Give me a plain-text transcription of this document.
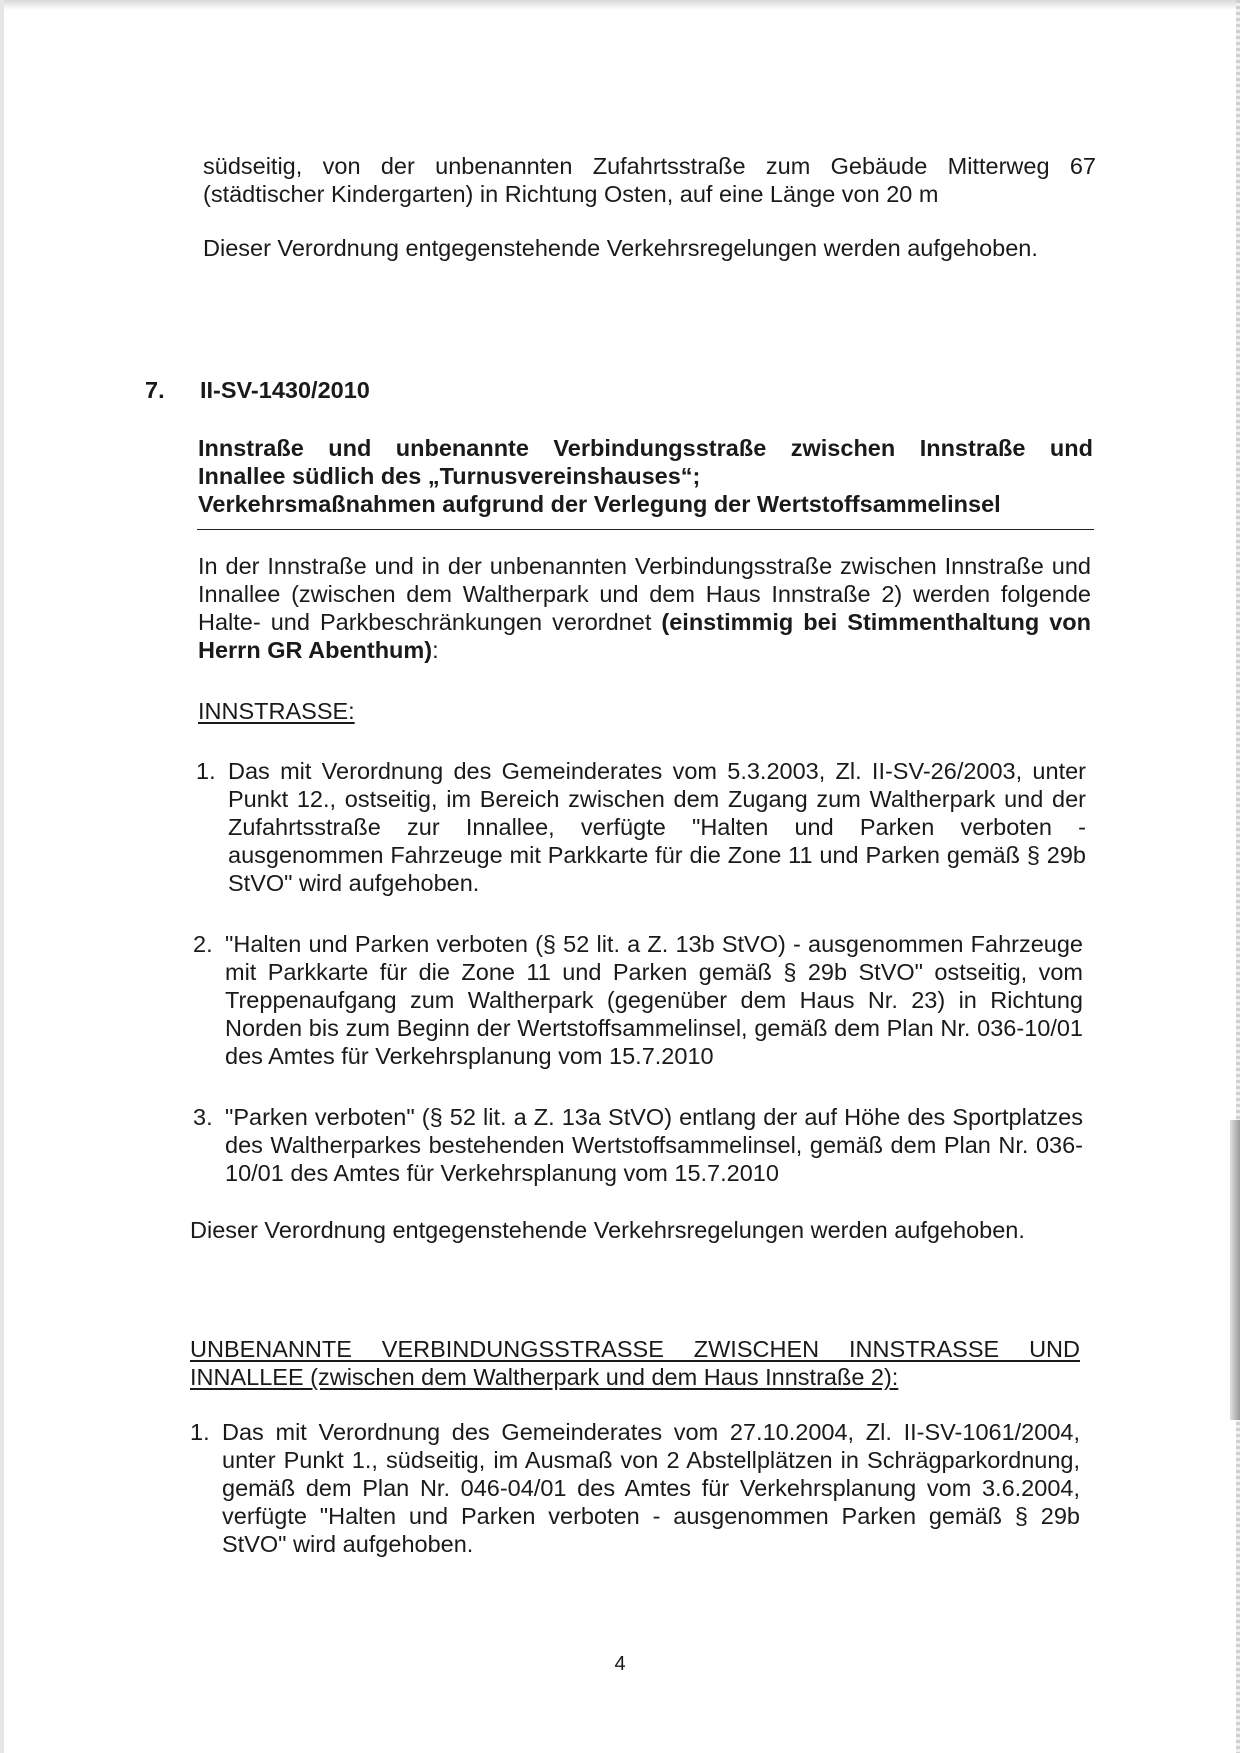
südseitig, von der unbenannten Zufahrtsstraße zum Gebäude Mitterweg 67

(städtischer Kindergarten) in Richtung Osten, auf eine Länge von 20 m

Dieser Verordnung entgegenstehende Verkehrsregelungen werden aufgehoben.
7. II-SV-1430/2010

Innstraße und unbenannte Verbindungsstraße zwischen Innstraße und

Innallee südlich des „Turnusvereinshauses“;

Verkehrsmaßnahmen aufgrund der Verlegung der Wertstoffsammelinsel

In der Innstraße und in der unbenannten Verbindungsstraße zwischen Innstraße und Innallee (zwischen dem Waltherpark und dem Haus Innstraße 2) werden folgende Halte- und Parkbeschränkungen verordnet (einstimmig bei Stimmenthaltung von Herrn GR Abenthum):
INNSTRASSE:
1. Das mit Verordnung des Gemeinderates vom 5.3.2003, Zl. II-SV-26/2003, unter Punkt 12., ostseitig, im Bereich zwischen dem Zugang zum Waltherpark und der Zufahrtsstraße zur Innallee, verfügte "Halten und Parken verboten - ausgenommen Fahrzeuge mit Parkkarte für die Zone 11 und Parken gemäß § 29b StVO" wird aufgehoben.
2. "Halten und Parken verboten (§ 52 lit. a Z. 13b StVO) - ausgenommen Fahrzeuge mit Parkkarte für die Zone 11 und Parken gemäß § 29b StVO" ostseitig, vom Treppenaufgang zum Waltherpark (gegenüber dem Haus Nr. 23) in Richtung Norden bis zum Beginn der Wertstoffsammelinsel, gemäß dem Plan Nr. 036-10/01 des Amtes für Verkehrsplanung vom 15.7.2010
3. "Parken verboten" (§ 52 lit. a Z. 13a StVO) entlang der auf Höhe des Sportplatzes des Waltherparkes bestehenden Wertstoffsammelinsel, gemäß dem Plan Nr. 036-10/01 des Amtes für Verkehrsplanung vom 15.7.2010
Dieser Verordnung entgegenstehende Verkehrsregelungen werden aufgehoben.

UNBENANNTE VERBINDUNGSSTRASSE ZWISCHEN INNSTRASSE UND

INNALLEE (zwischen dem Waltherpark und dem Haus Innstraße 2):

1. Das mit Verordnung des Gemeinderates vom 27.10.2004, Zl. II-SV-1061/2004, unter Punkt 1., südseitig, im Ausmaß von 2 Abstellplätzen in Schrägparkordnung, gemäß dem Plan Nr. 046-04/01 des Amtes für Verkehrsplanung vom 3.6.2004, verfügte "Halten und Parken verboten - ausgenommen Parken gemäß § 29b StVO" wird aufgehoben.
4
